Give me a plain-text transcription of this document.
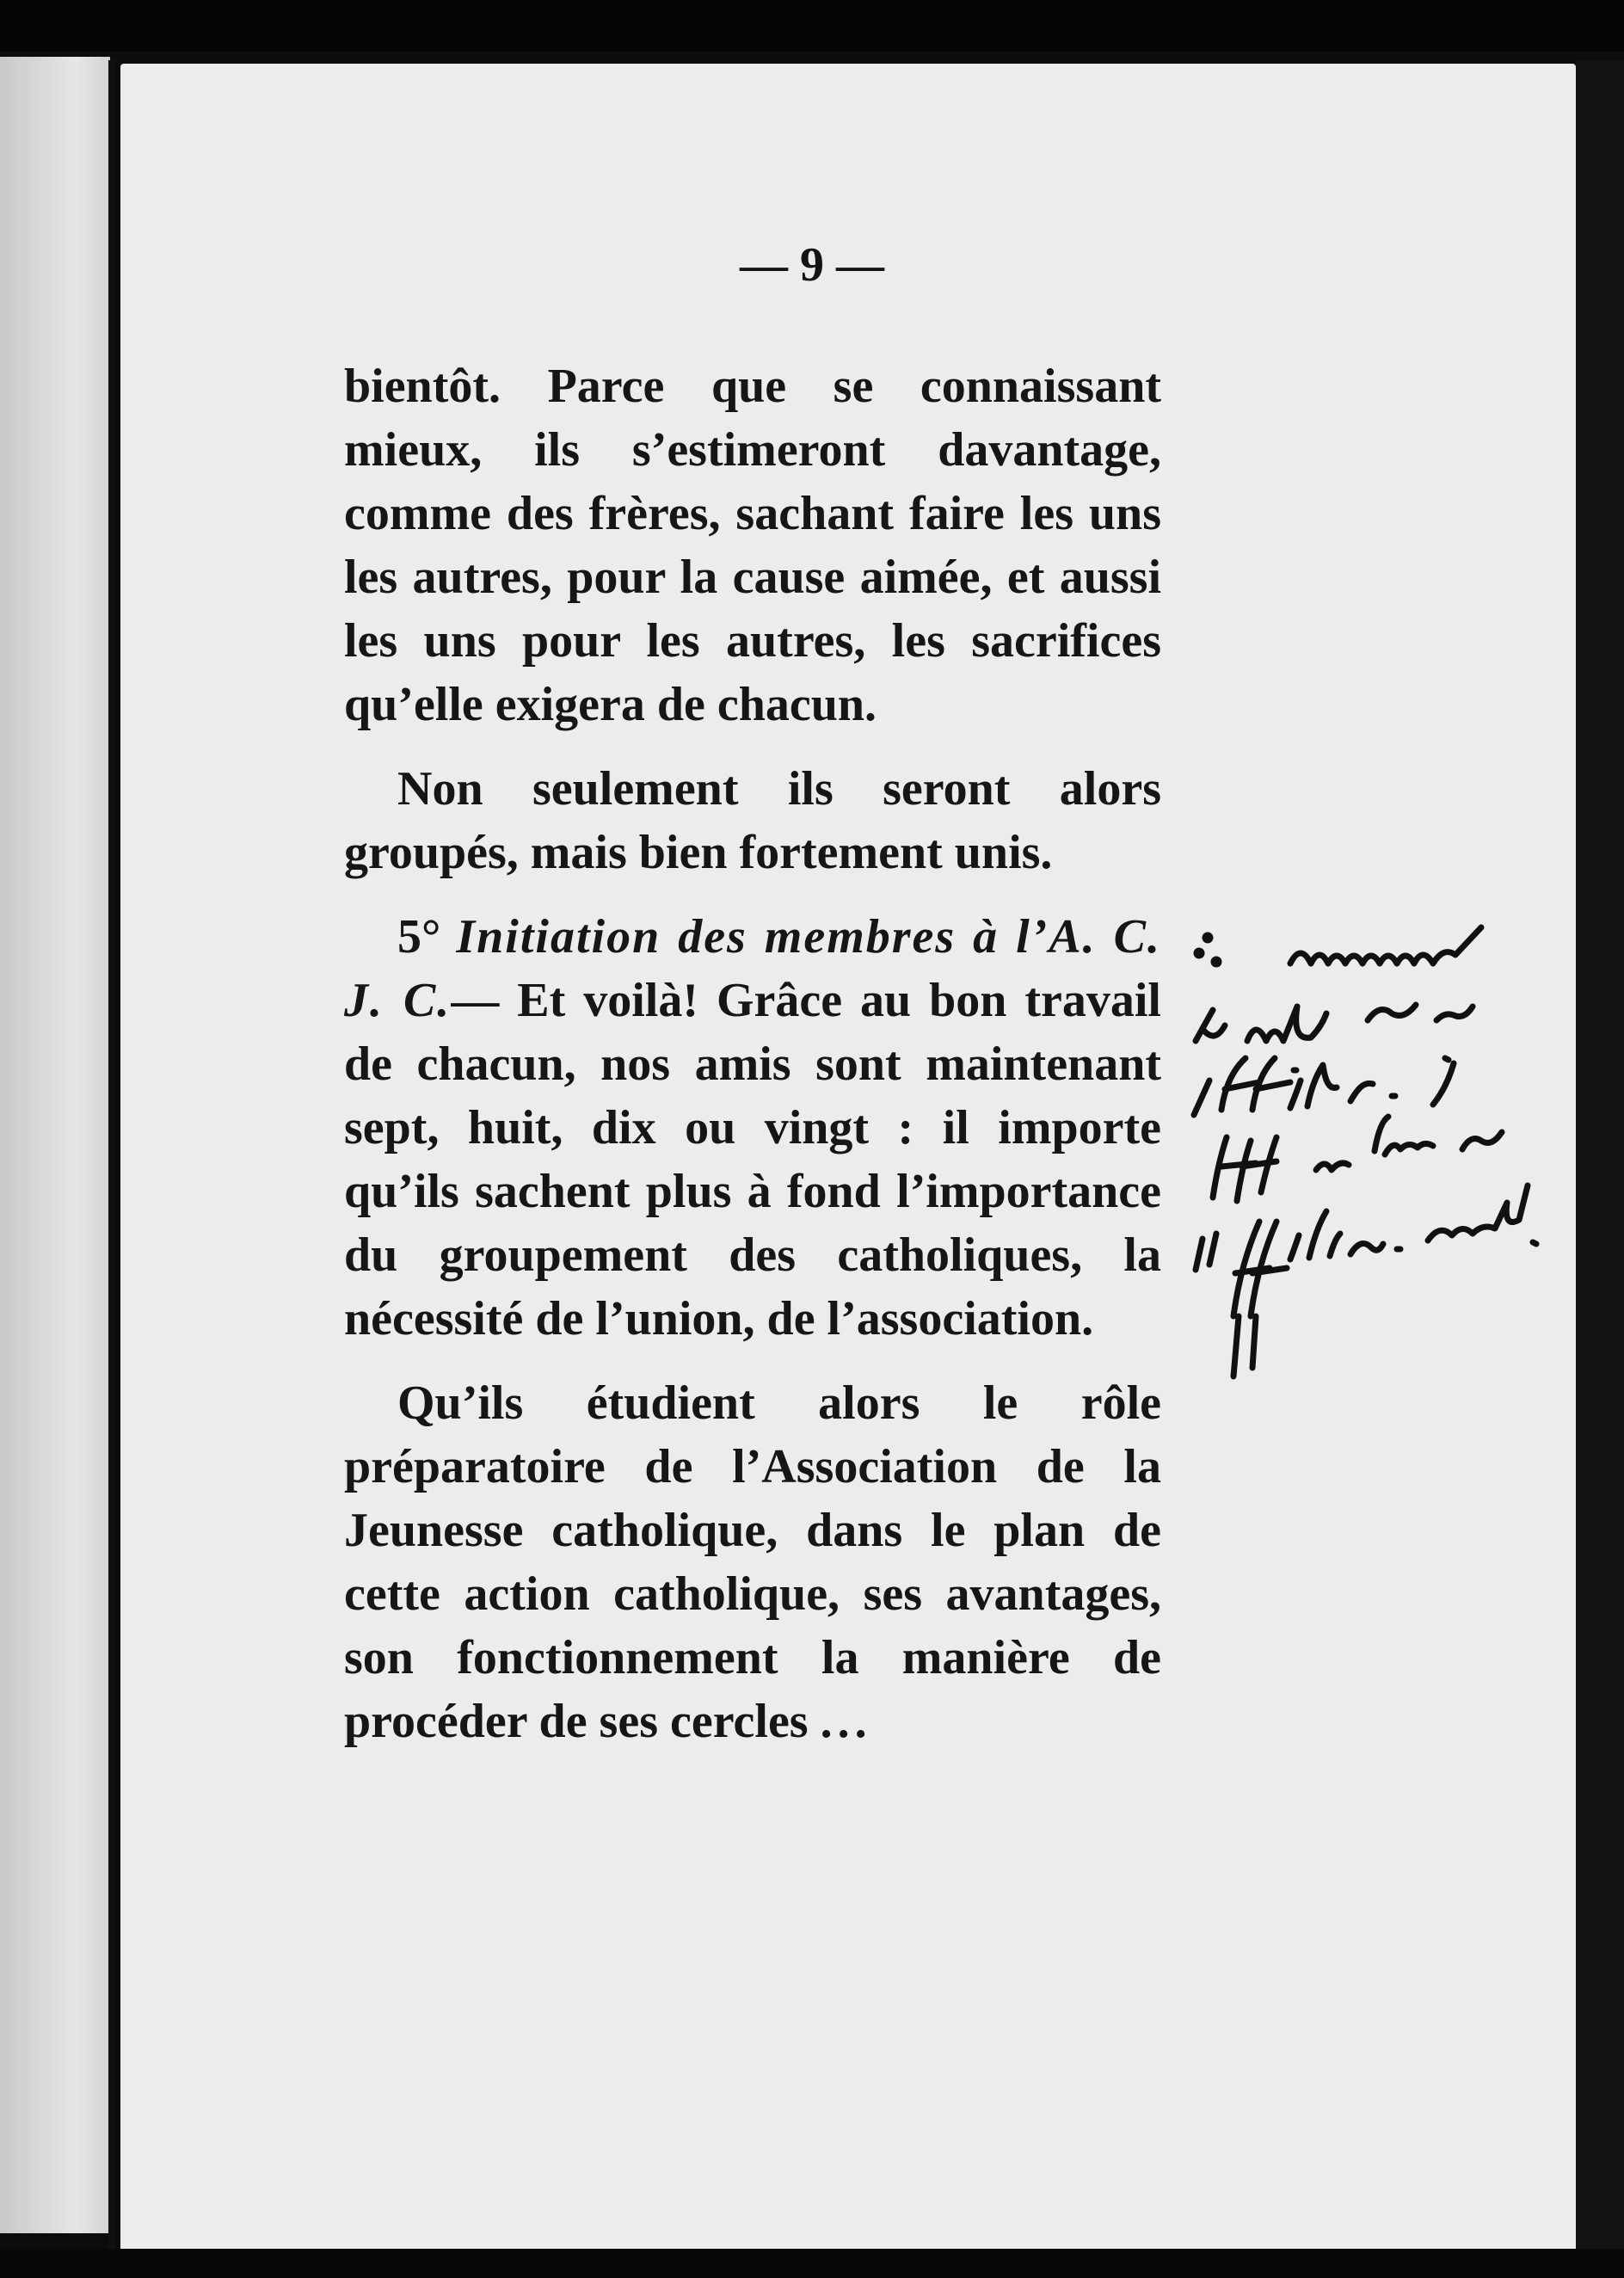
— 9 —

bientôt. Parce que se connaissant mieux, ils s’estimeront davantage, comme des frères, sachant faire les uns les autres, pour la cause aimée, et aussi les uns pour les autres, les sacrifices qu’elle exigera de chacun.

Non seulement ils seront alors groupés, mais bien fortement unis.

5° Initiation des membres à l’A. C. J. C.— Et voilà! Grâce au bon travail de chacun, nos amis sont maintenant sept, huit, dix ou vingt : il importe qu’ils sachent plus à fond l’importance du groupement des catholiques, la nécessité de l’union, de l’association.

Qu’ils étudient alors le rôle préparatoire de l’Association de la Jeunesse catholique, dans le plan de cette action catholique, ses avantages, son fonctionnement la manière de procéder de ses cercles ...

∴ commencer le cercle sans l’affilier. Si tout va bien on l’affilie ensuite
